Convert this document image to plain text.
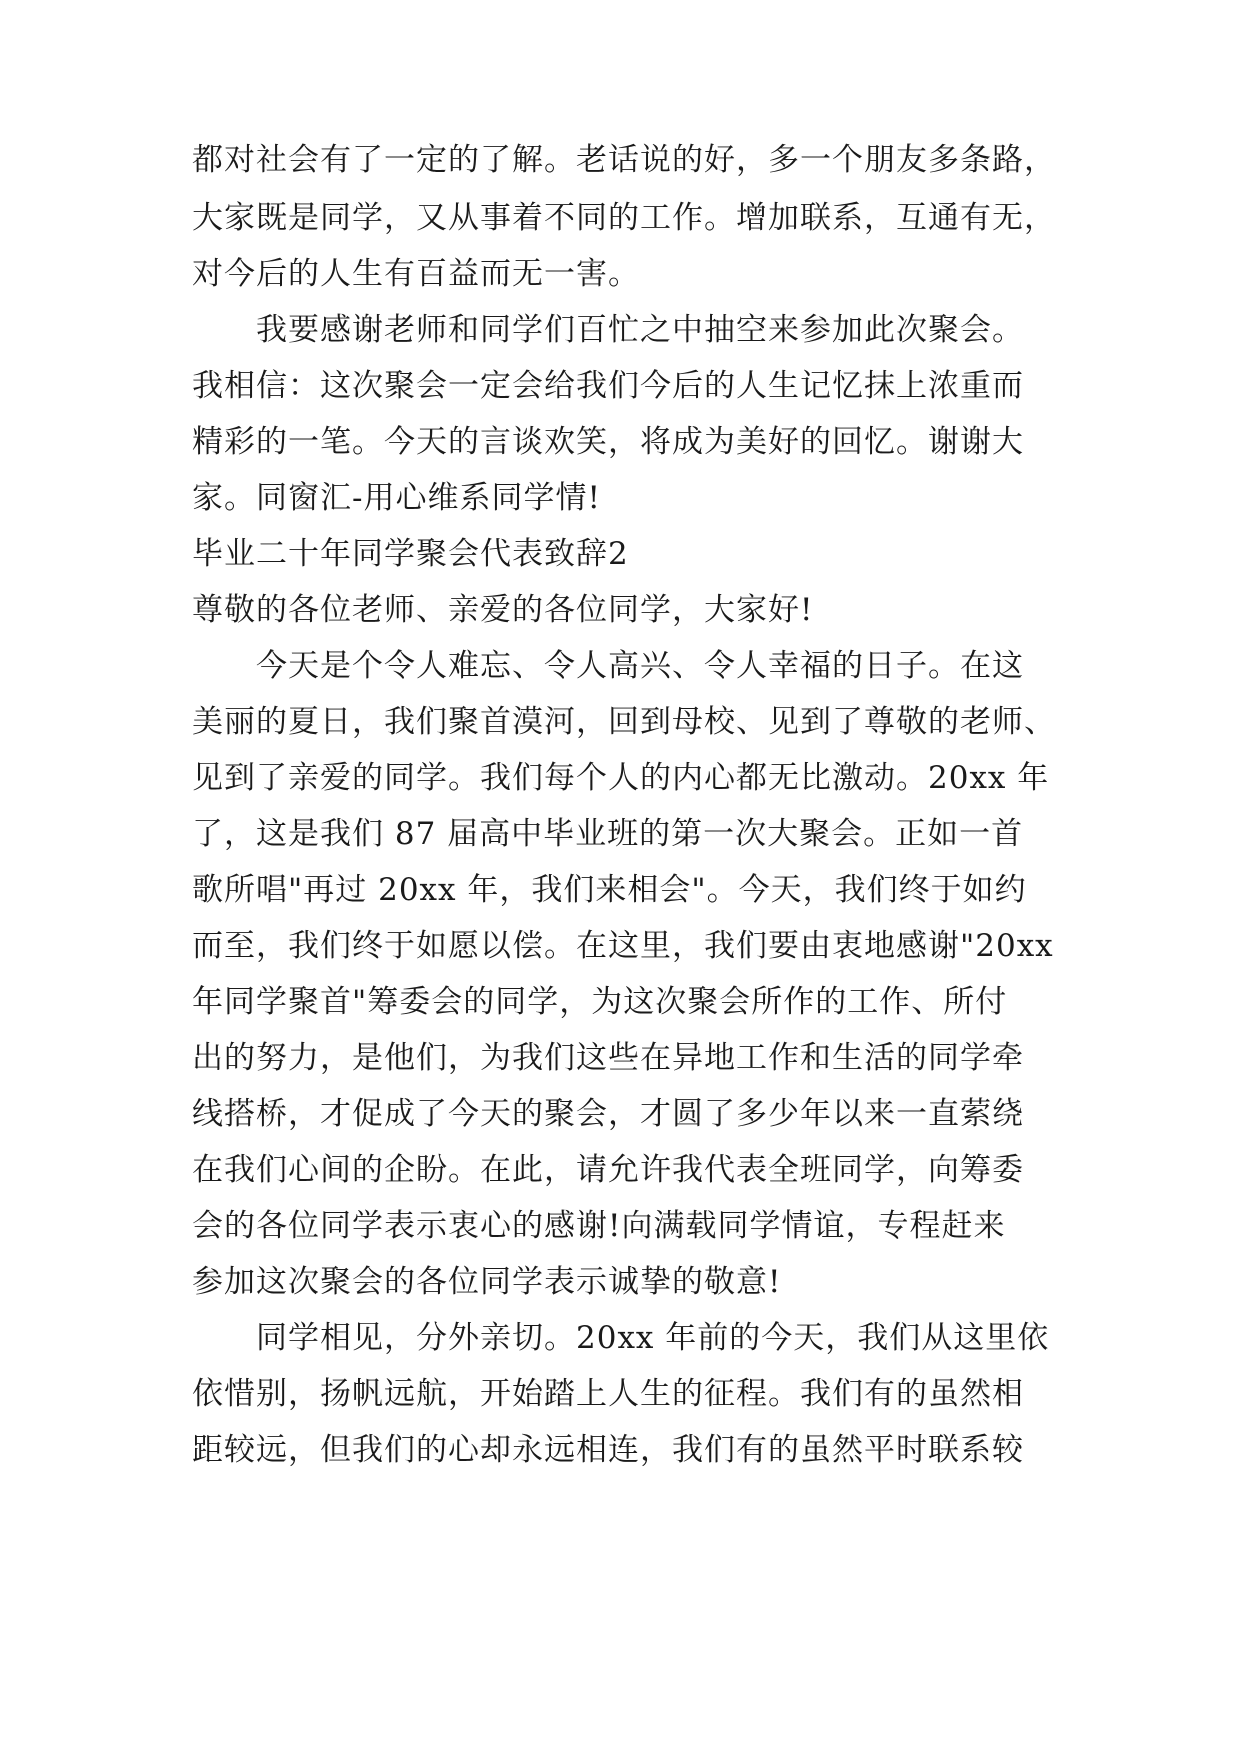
都对社会有了一定的了解。老话说的好，多一个朋友多条路，
大家既是同学，又从事着不同的工作。增加联系，互通有无，
对今后的人生有百益而无一害。
我要感谢老师和同学们百忙之中抽空来参加此次聚会。
我相信：这次聚会一定会给我们今后的人生记忆抹上浓重而
精彩的一笔。今天的言谈欢笑，将成为美好的回忆。谢谢大
家。同窗汇-用心维系同学情!
毕业二十年同学聚会代表致辞2
尊敬的各位老师、亲爱的各位同学，大家好!
今天是个令人难忘、令人高兴、令人幸福的日子。在这
美丽的夏日，我们聚首漠河，回到母校、见到了尊敬的老师、
见到了亲爱的同学。我们每个人的内心都无比激动。20xx 年
了，这是我们 87 届高中毕业班的第一次大聚会。正如一首
歌所唱"再过 20xx 年，我们来相会"。今天，我们终于如约
而至，我们终于如愿以偿。在这里，我们要由衷地感谢"20xx
年同学聚首"筹委会的同学，为这次聚会所作的工作、所付
出的努力，是他们，为我们这些在异地工作和生活的同学牵
线搭桥，才促成了今天的聚会，才圆了多少年以来一直萦绕
在我们心间的企盼。在此，请允许我代表全班同学，向筹委
会的各位同学表示衷心的感谢!向满载同学情谊，专程赶来
参加这次聚会的各位同学表示诚挚的敬意!
同学相见，分外亲切。20xx 年前的今天，我们从这里依
依惜别，扬帆远航，开始踏上人生的征程。我们有的虽然相
距较远，但我们的心却永远相连，我们有的虽然平时联系较
